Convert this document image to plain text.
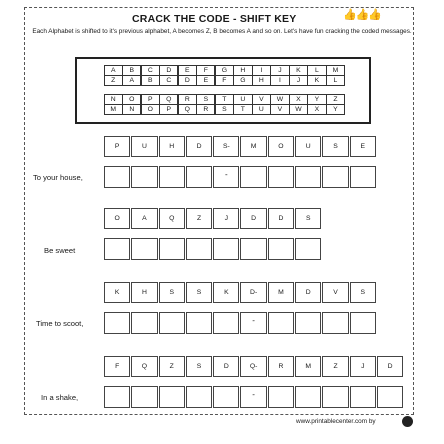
CRACK THE CODE - SHIFT KEY	👍👍👍
Each Alphabet is shifted to it's previous alphabet, A becomes Z, B becomes A and so on. Let's have fun cracking the coded messages.
A	B	C	D	E	F	G	H	I	J	K	L	M
Z	A	B	C	D	E	F	G	H	I	J	K	L
N	O	P	Q	R	S	T	U	V	W	X	Y	Z
M	N	O	P	Q	R	S	T	U	V	W	X	Y
P	U	H	D	S-	M	O	U	S	E
-
To your house,
O	A	Q	Z	J	D	D	S
Be sweet
K	H	S	S	K	D-	M	D	V	S
-
Time to scoot,
F	Q	Z	S	D	Q-	R	M	Z	J	D
-
In a shake,
www.printablecenter.com by
